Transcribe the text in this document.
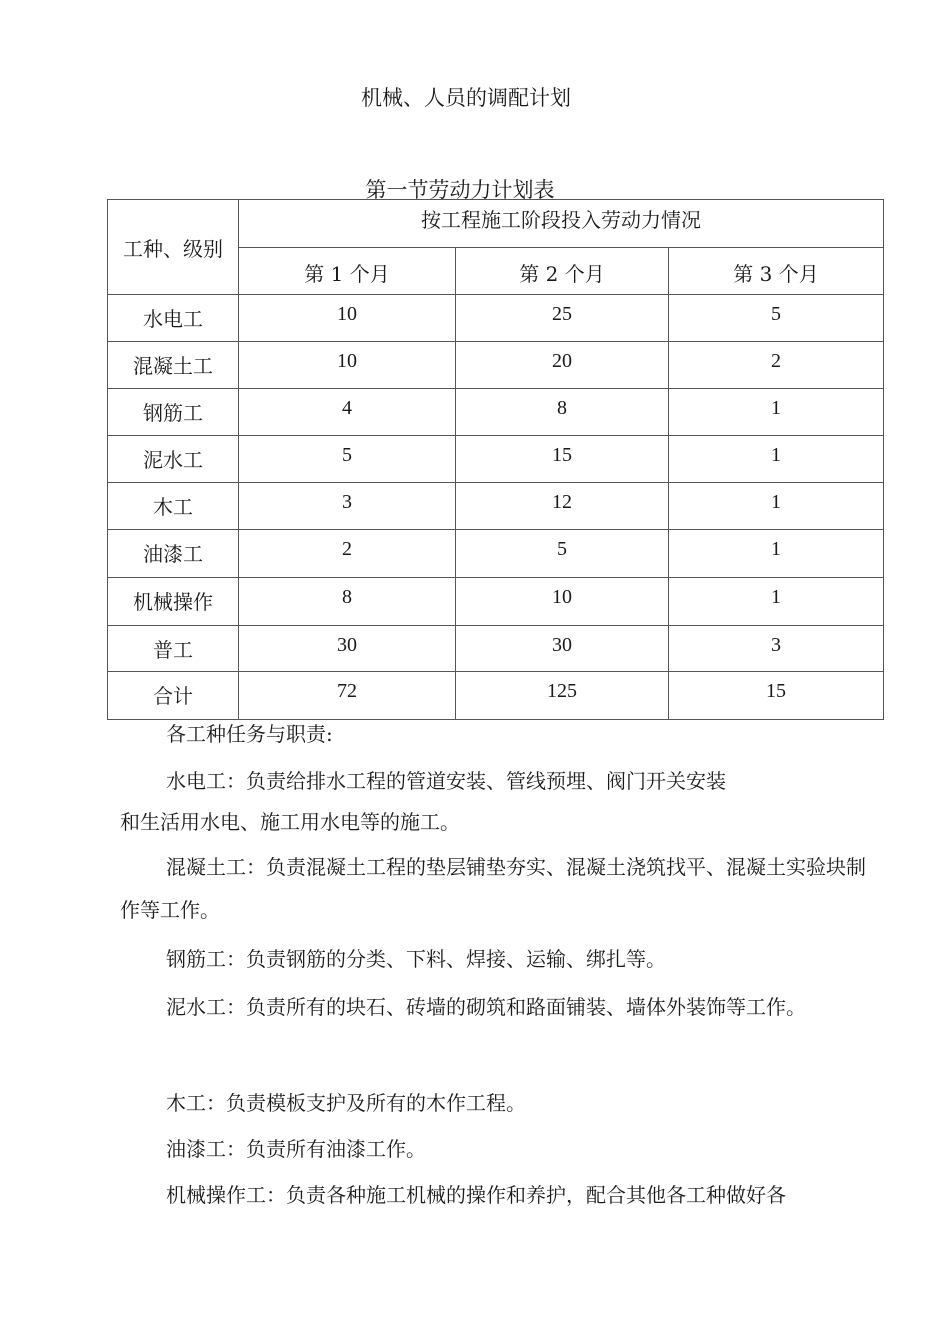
机械、人员的调配计划
第一节劳动力计划表
工种、级别	按工程施工阶段投入劳动力情况		

	第 1 个月	第 2 个月	第 3 个月

水电工	10	25	5

混凝土工	10	20	2

钢筋工	4	8	1

泥水工	5	15	1

木工	3	12	1

油漆工	2	5	1

机械操作	8	10	1

普工	30	30	3

合计	72	125	15

各工种任务与职责:

水电工：负责给排水工程的管道安装、管线预埋、阀门开关安装

和生活用水电、施工用水电等的施工。

混凝土工：负责混凝土工程的垫层铺垫夯实、混凝土浇筑找平、混凝土实验块制作等工作。

钢筋工：负责钢筋的分类、下料、焊接、运输、绑扎等。

泥水工：负责所有的块石、砖墙的砌筑和路面铺装、墙体外装饰等工作。

木工：负责模板支护及所有的木作工程。

油漆工：负责所有油漆工作。

机械操作工：负责各种施工机械的操作和养护，配合其他各工种做好各
